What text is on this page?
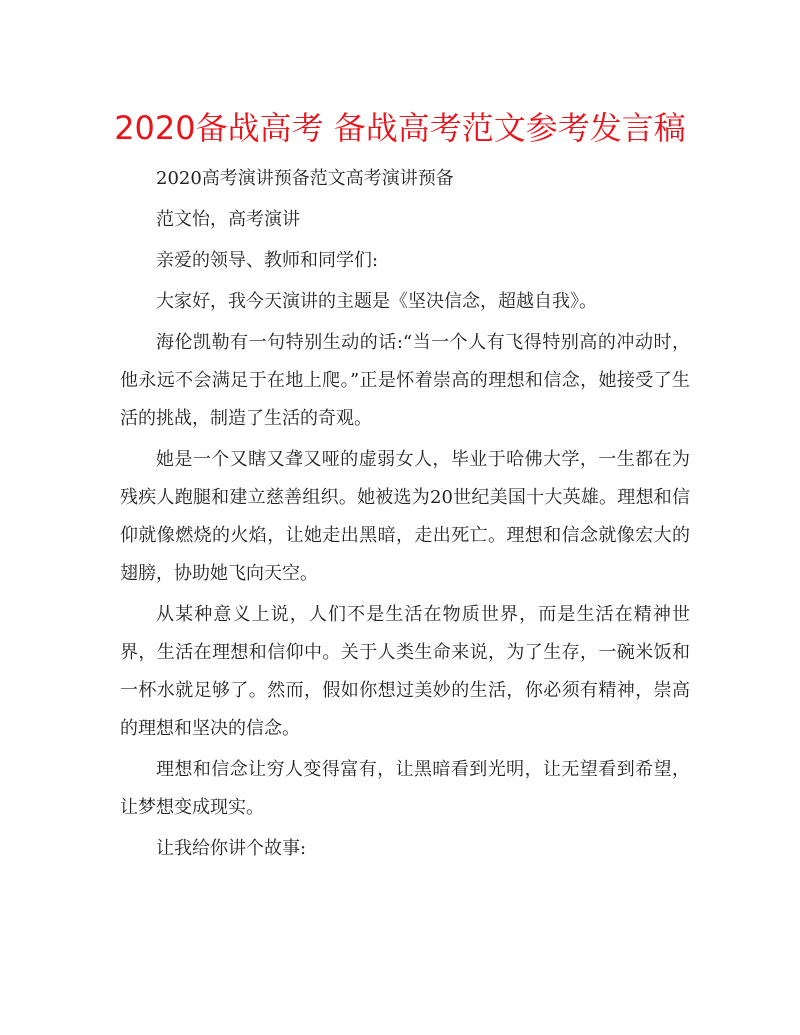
2020备战高考 备战高考范文参考发言稿

2020高考演讲预备范文高考演讲预备

范文怡，高考演讲

亲爱的领导、教师和同学们:

大家好，我今天演讲的主题是《坚决信念，超越自我》。

海伦凯勒有一句特别生动的话:“当一个人有飞得特别高的冲动时，他永远不会满足于在地上爬。”正是怀着崇高的理想和信念，她接受了生活的挑战，制造了生活的奇观。

她是一个又瞎又聋又哑的虚弱女人，毕业于哈佛大学，一生都在为残疾人跑腿和建立慈善组织。她被选为20世纪美国十大英雄。理想和信仰就像燃烧的火焰，让她走出黑暗，走出死亡。理想和信念就像宏大的翅膀，协助她飞向天空。

从某种意义上说，人们不是生活在物质世界，而是生活在精神世界，生活在理想和信仰中。关于人类生命来说，为了生存，一碗米饭和一杯水就足够了。然而，假如你想过美妙的生活，你必须有精神，崇高的理想和坚决的信念。

理想和信念让穷人变得富有，让黑暗看到光明，让无望看到希望，让梦想变成现实。

让我给你讲个故事:
